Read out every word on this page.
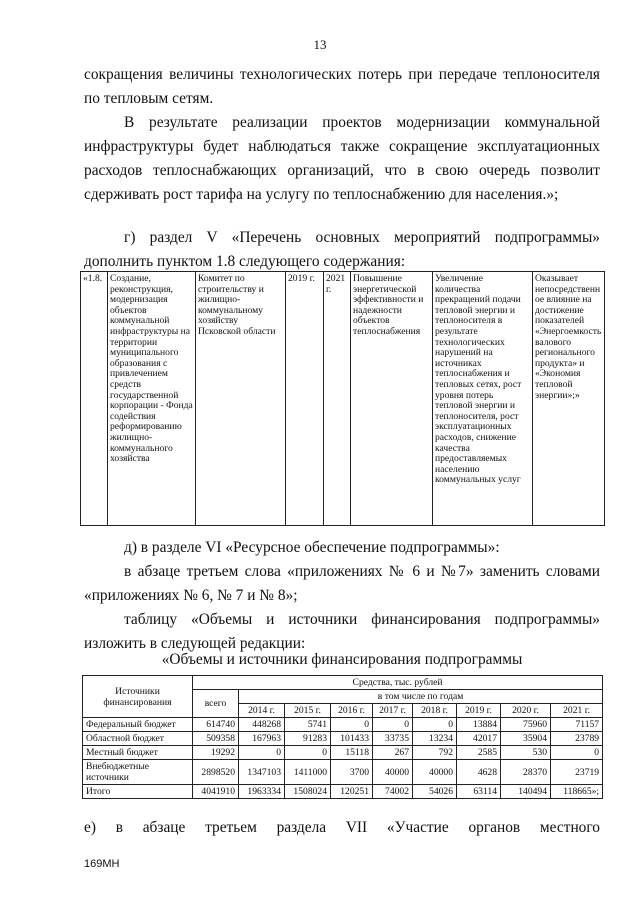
13

сокращения величины технологических потерь при передаче теплоносителя по тепловым сетям.

В результате реализации проектов модернизации коммунальной инфраструктуры будет наблюдаться также сокращение эксплуатационных расходов теплоснабжающих организаций, что в свою очередь позволит сдерживать рост тарифа на услугу по теплоснабжению для населения.»;

г) раздел V «Перечень основных мероприятий подпрограммы» дополнить пунктом 1.8 следующего содержания:

«1.8.	Создание, реконструкция, модернизация объектов коммунальной инфраструктуры на территории муниципального образования с привлечением средств государственной корпорации - Фонда содействия реформированию жилищно-коммунального хозяйства	Комитет по строительству и жилищно-коммунальному хозяйству Псковской области	2019 г.	2021 г.	Повышение энергетической эффективности и надежности объектов теплоснабжения	Увеличение количества прекращений подачи тепловой энергии и теплоносителя в результате технологических нарушений на источниках теплоснабжения и тепловых сетях, рост уровня потерь тепловой энергии и теплоносителя, рост эксплуатационных расходов, снижение качества предоставляемых населению коммунальных услуг	Оказывает непосредственное влияние на достижение показателей «Энергоемкость валового регионального продукта» и «Экономия тепловой энергии»;»

д) в разделе VI «Ресурсное обеспечение подпрограммы»:

в абзаце третьем слова «приложениях № 6 и №7» заменить словами «приложениях № 6, № 7 и № 8»;

таблицу «Объемы и источники финансирования подпрограммы» изложить в следующей редакции:

«Объемы и источники финансирования подпрограммы
Источники финансирования	Средства, тыс. рублей								
	всего	в том числе по годам							
		2014 г.	2015 г.	2016 г.	2017 г.	2018 г.	2019 г.	2020 г.	2021 г.
Федеральный бюджет	614740	448268	5741	0	0	0	13884	75960	71157
Областной бюджет	509358	167963	91283	101433	33735	13234	42017	35904	23789
Местный бюджет	19292	0	0	15118	267	792	2585	530	0
Внебюджетные источники	2898520	1347103	1411000	3700	40000	40000	4628	28370	23719
Итого	4041910	1963334	1508024	120251	74002	54026	63114	140494	118665»;

е) в абзаце третьем раздела VII «Участие органов местного

169МН
